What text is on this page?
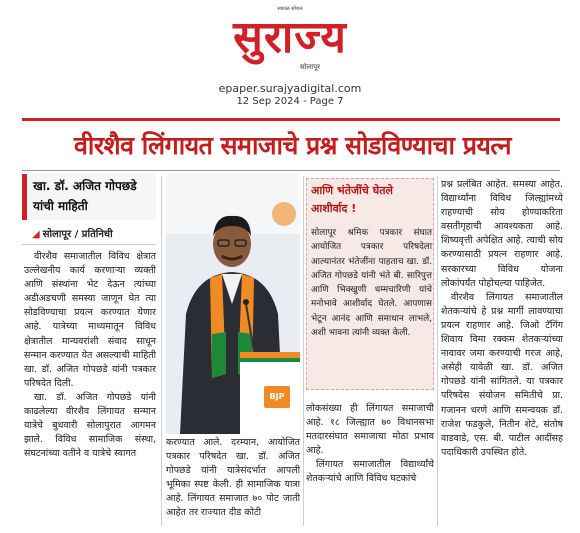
सकाळ सोशल
सुराज्य
सोलापूर
epaper.surajyadigital.com
12 Sep 2024 - Page 7
वीरशैव लिंगायत समाजाचे प्रश्न सोडविण्याचा प्रयत्न
खा. डॉ. अजित गोपछडे यांची माहिती
◢ सोलापूर / प्रतिनिधी

वीरशैव समाजातील विविध क्षेत्रात उल्लेखनीय कार्य करणाऱ्या व्यक्ती आणि संस्थांना भेट देऊन त्यांच्या अडीअडचणी समस्या जाणून घेत त्या सोडविण्याचा प्रयत्न करण्यात येणार आहे. यात्रेच्या माध्यमातून विविध क्षेत्रातील मान्यवरांशी संवाद साधून सन्मान करण्यात येत असल्याची माहिती खा. डॉ. अजित गोपछडे यांनी पत्रकार परिषदेत दिली.

खा. डॉ. अजित गोपछडे यांनी काढलेल्या वीरशैव लिंगायत सन्मान यात्रेचे बुधवारी सोलापुरात आगमन झाले. विविध सामाजिक संस्था, संघटनांच्या वतीने व यात्रेचे स्वागत

BJP

करण्यात आले. दरम्यान, आयोजित पत्रकार परिषदेत खा. डॉ. अजित गोपछडे यांनी यात्रेसंदर्भात आपली भूमिका स्पष्ट केली. ही सामाजिक यात्रा आहे. लिंगायत समाजात ७० पोट जाती आहेत तर राज्यात दीड कोटी

आणि भंतेजींचे घेतले आशीर्वाद !
सोलापूर श्रमिक पत्रकार संघात आयोजित पत्रकार परिषदेला आल्यानंतर भंतेजींना पाहताच खा. डॉ. अजित गोपछडे यांनी भंते बी. सारिपुत्त आणि भिक्खुणी धम्मचारिणी यांचे मनोभावे आशीर्वाद घेतले. आपणास भेटून आनंद आणि समाधान लाभले, अशी भावना त्यांनी व्यक्त केली.

लोकसंख्या ही लिंगायत समाजाची आहे. १८ जिल्ह्यात ७० विधानसभा मतदारसंघात समाजाचा मोठा प्रभाव आहे.

लिंगायत समाजातील विद्यार्थ्यांचे शेतकऱ्यांचे आणि विविध घटकांचे

प्रश्न प्रलंबित आहेत. समस्या आहेत. विद्यार्थ्यांना विविध जिल्ह्यांमध्ये राहण्याची सोय होण्याकरिता वसतीगृहाची आवश्यकता आहे. शिष्यवृत्ती अपेक्षित आहे. त्याची सोय करण्यासाठी प्रयत्न राहणार आहे. सरकारच्या विविध योजना लोकांपर्यंत पोहोचल्या पाहिजेत.

वीरशैव लिंगायत समाजातील शेतकऱ्यांचे हे प्रश्न मार्गी लावण्याचा प्रयत्न राहणार आहे. जिओ टॅगिंग शिवाय विमा रक्कम शेतकऱ्यांच्या नावावर जमा करण्याची गरज आहे, असेही यावेळी खा. डॉ. अजित गोपछडे यांनी सांगितले. या पत्रकार परिषदेस संयोजन समितीचे प्रा. गजानन धरणे आणि समन्वयक डॉ. राजेश फडकुले, नितीन शेटे, संतोष वाडवाडे, एस. बी. पाटील आदींसह पदाधिकारी उपस्थित होते.
